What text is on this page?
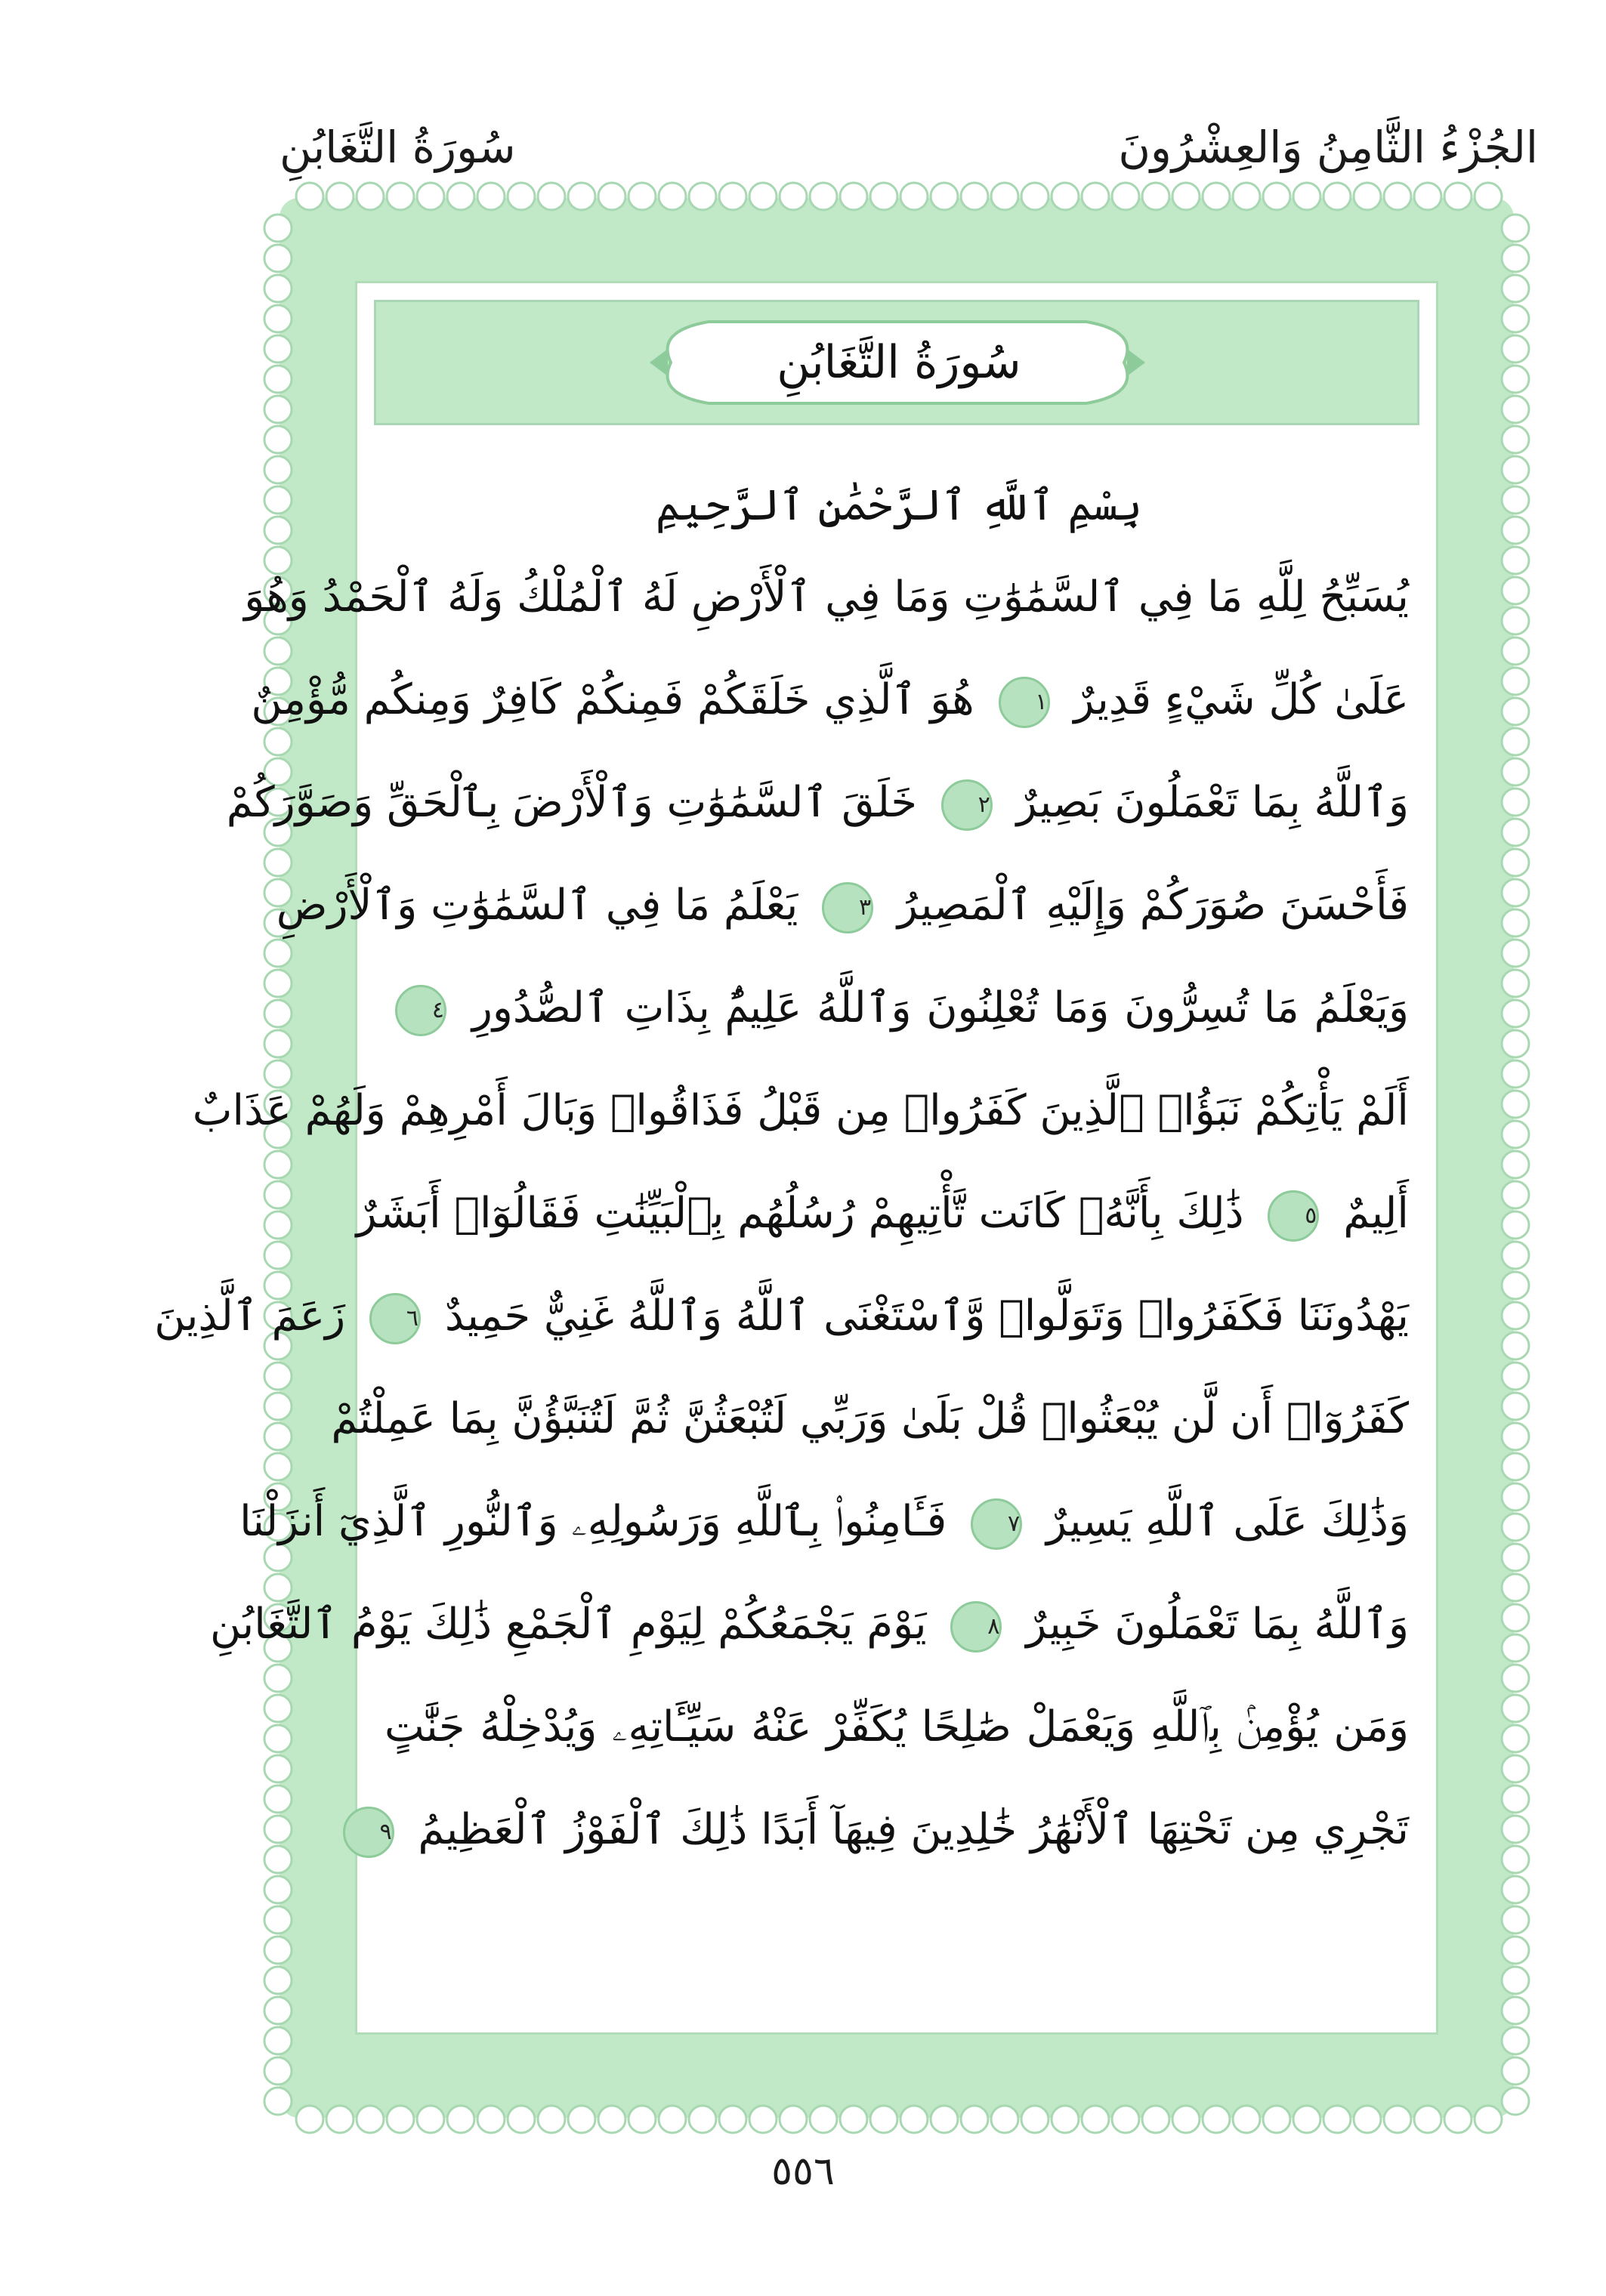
الجُزْءُ الثَّامِنُ وَالعِشْرُونَ
سُورَةُ التَّغَابُنِ
سُورَةُ التَّغَابُنِ
بِسْمِ ٱللَّهِ ٱلرَّحْمَٰنِ ٱلرَّحِيمِ
يُسَبِّحُ لِلَّهِ مَا فِي ٱلسَّمَٰوَٰتِ وَمَا فِي ٱلْأَرْضِ لَهُ ٱلْمُلْكُ وَلَهُ ٱلْحَمْدُ وَهُوَ
عَلَىٰ كُلِّ شَيْءٍ قَدِيرٌ ١ هُوَ ٱلَّذِي خَلَقَكُمْ فَمِنكُمْ كَافِرٌ وَمِنكُم مُّؤْمِنٌ
وَٱللَّهُ بِمَا تَعْمَلُونَ بَصِيرٌ ٢ خَلَقَ ٱلسَّمَٰوَٰتِ وَٱلْأَرْضَ بِٱلْحَقِّ وَصَوَّرَكُمْ
فَأَحْسَنَ صُوَرَكُمْ وَإِلَيْهِ ٱلْمَصِيرُ ٣ يَعْلَمُ مَا فِي ٱلسَّمَٰوَٰتِ وَٱلْأَرْضِ
وَيَعْلَمُ مَا تُسِرُّونَ وَمَا تُعْلِنُونَ وَٱللَّهُ عَلِيمٌۢ بِذَاتِ ٱلصُّدُورِ ٤
أَلَمْ يَأْتِكُمْ نَبَؤُا۟ ٱلَّذِينَ كَفَرُوا۟ مِن قَبْلُ فَذَاقُوا۟ وَبَالَ أَمْرِهِمْ وَلَهُمْ عَذَابٌ
أَلِيمٌ ٥ ذَٰلِكَ بِأَنَّهُۥ كَانَت تَّأْتِيهِمْ رُسُلُهُم بِٱلْبَيِّنَٰتِ فَقَالُوٓا۟ أَبَشَرٌ
يَهْدُونَنَا فَكَفَرُوا۟ وَتَوَلَّوا۟ وَّٱسْتَغْنَى ٱللَّهُ وَٱللَّهُ غَنِيٌّ حَمِيدٌ ٦ زَعَمَ ٱلَّذِينَ
كَفَرُوٓا۟ أَن لَّن يُبْعَثُوا۟ قُلْ بَلَىٰ وَرَبِّي لَتُبْعَثُنَّ ثُمَّ لَتُنَبَّؤُنَّ بِمَا عَمِلْتُمْ
وَذَٰلِكَ عَلَى ٱللَّهِ يَسِيرٌ ٧ فَـَٔامِنُوا۟ بِٱللَّهِ وَرَسُولِهِۦ وَٱلنُّورِ ٱلَّذِيٓ أَنزَلْنَا
وَٱللَّهُ بِمَا تَعْمَلُونَ خَبِيرٌ ٨ يَوْمَ يَجْمَعُكُمْ لِيَوْمِ ٱلْجَمْعِ ذَٰلِكَ يَوْمُ ٱلتَّغَابُنِ
وَمَن يُؤْمِنۢ بِٱللَّهِ وَيَعْمَلْ صَٰلِحًا يُكَفِّرْ عَنْهُ سَيِّـَٔاتِهِۦ وَيُدْخِلْهُ جَنَّٰتٍ
تَجْرِي مِن تَحْتِهَا ٱلْأَنْهَٰرُ خَٰلِدِينَ فِيهَآ أَبَدًا ذَٰلِكَ ٱلْفَوْزُ ٱلْعَظِيمُ ٩
٥٥٦
